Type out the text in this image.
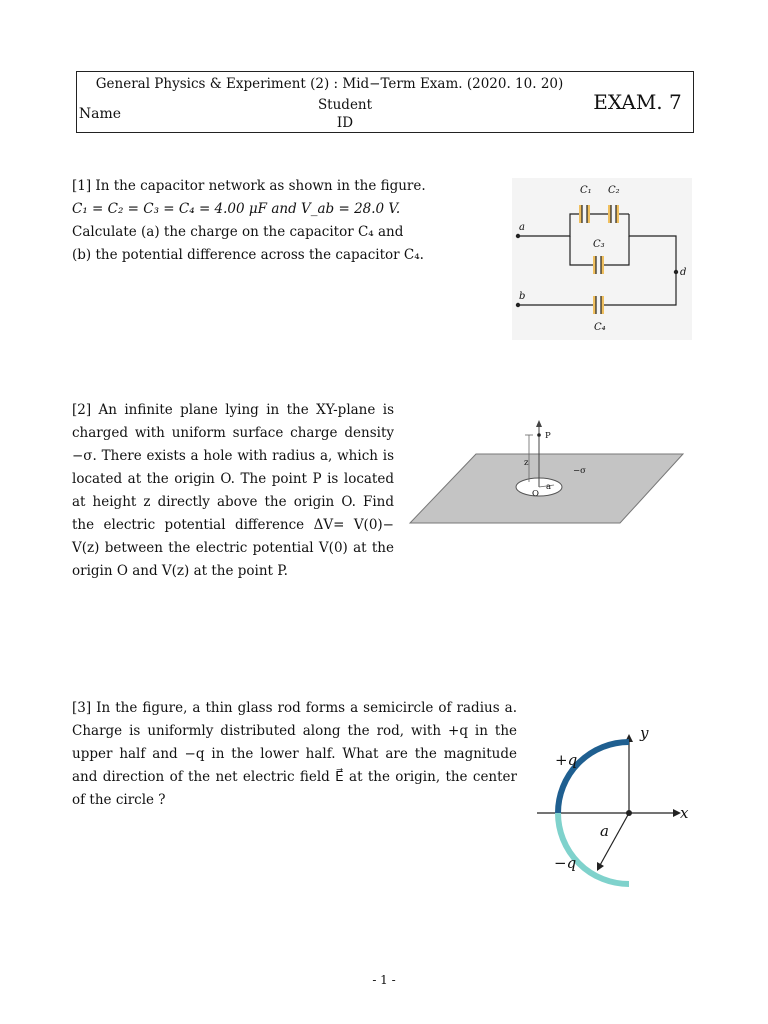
General Physics & Experiment (2) : Mid−Term Exam. (2020. 10. 20)
EXAM. 7
Name
Student
ID

[1] In the capacitor network as shown in the figure.

C₁ = C₂ = C₃ = C₄ = 4.00 μF and V_ab = 28.0 V.

Calculate (a) the charge on the capacitor C₄ and

(b) the potential difference across the capacitor C₄.

a
b
d
C₁ C₂
C₃
C₄

[2] An infinite plane lying in the XY-plane is charged with uniform surface charge density −σ. There exists a hole with radius a, which is located at the origin O. The point P is located at height z directly above the origin O. Find the electric potential difference ΔV= V(0)− V(z) between the electric potential V(0) at the origin O and V(z) at the point P.

P
z
−σ
a
O

[3] In the figure, a thin glass rod forms a semicircle of radius a. Charge is uniformly distributed along the rod, with +q in the upper half and −q in the lower half. What are the magnitude and direction of the net electric field E⃗ at the origin, the center of the circle ?

y
x
+q
−q
a
- 1 -
